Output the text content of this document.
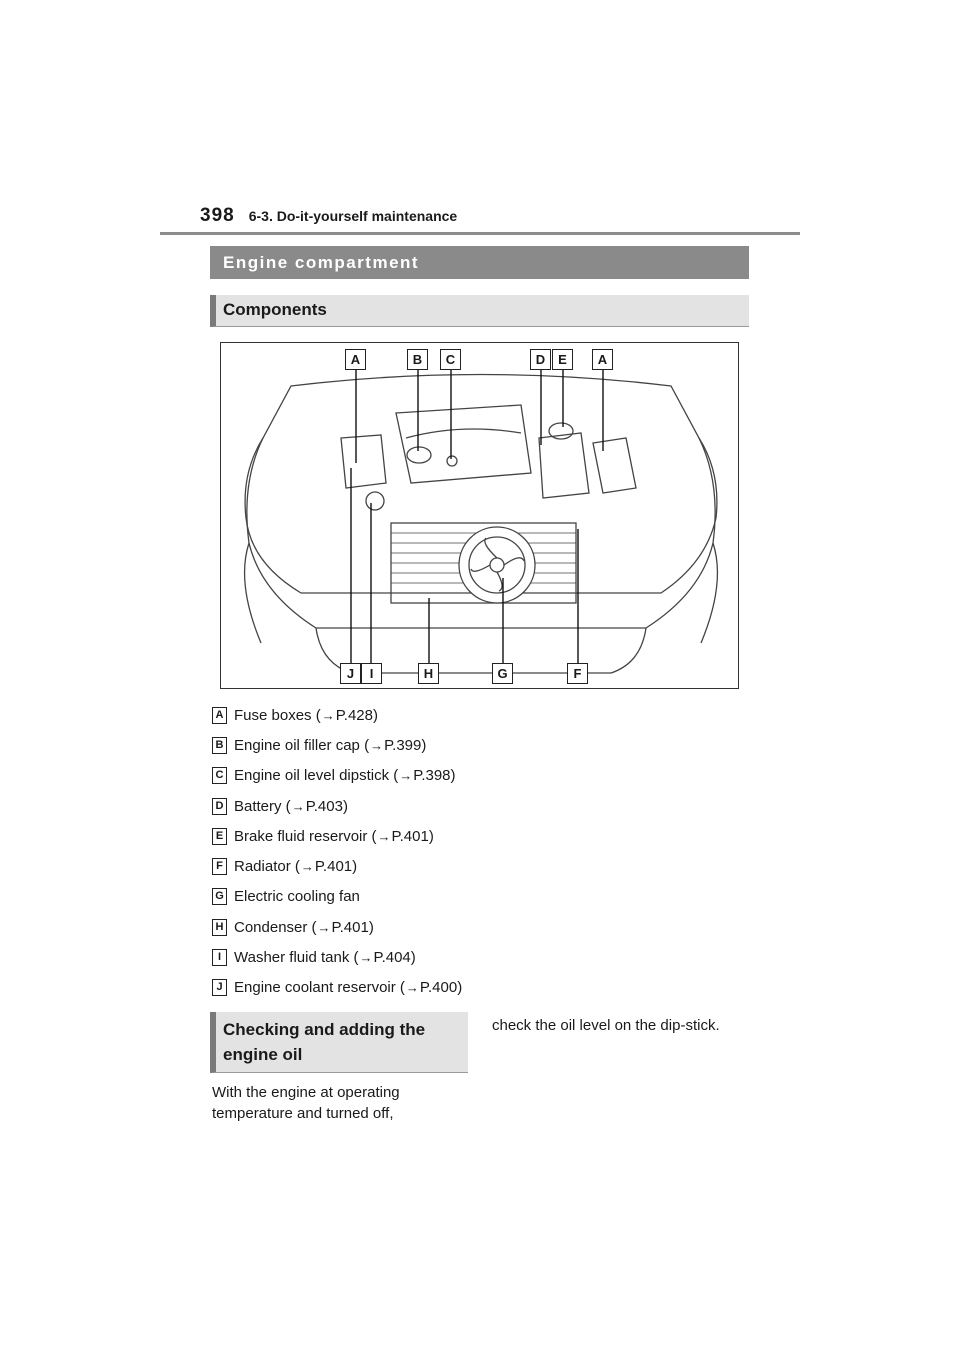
398 6-3. Do-it-yourself maintenance
Engine compartment
Components
A	B	C	D E	A
J	I	H	G	F
A Fuse boxes ( → P.428)
B Engine oil filler cap ( → P.399)
C Engine oil level dipstick ( → P.398)
D Battery ( → P.403)
E Brake fluid reservoir ( → P.401)
F Radiator ( → P.401)
G Electric cooling fan
H Condenser ( → P.401)
I Washer fluid tank ( → P.404)
J Engine coolant reservoir ( → P.400)
Checking and adding the engine oil
With the engine at operating temperature and turned off,
check the oil level on the dip-stick.
